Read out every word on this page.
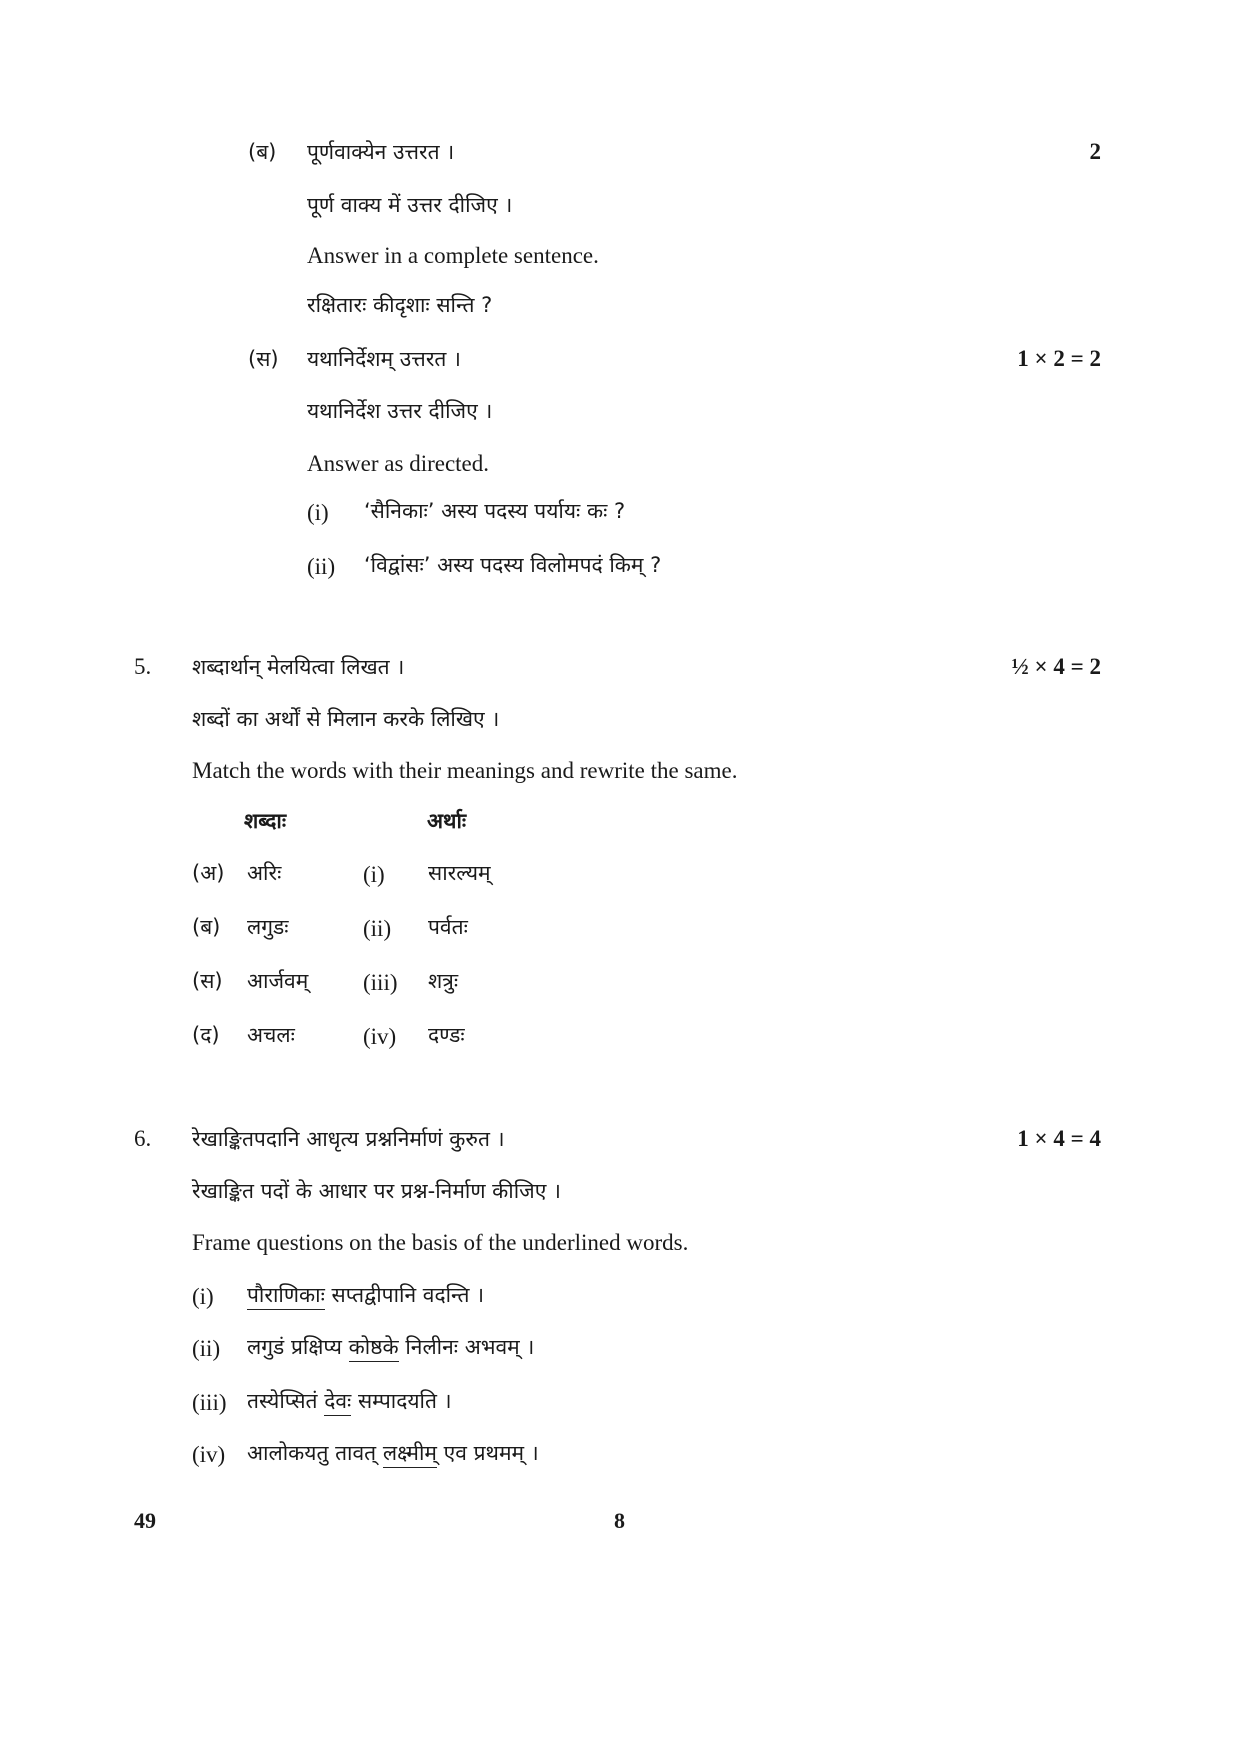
(ब) पूर्णवाक्येन उत्तरत ।	2
पूर्ण वाक्य में उत्तर दीजिए ।
Answer in a complete sentence.
रक्षितारः कीदृशाः सन्ति ?
(स) यथानिर्देशम् उत्तरत ।	1 × 2 = 2
यथानिर्देश उत्तर दीजिए ।
Answer as directed.
(i) ‘सैनिकाः’ अस्य पदस्य पर्यायः कः ?
(ii) ‘विद्वांसः’ अस्य पदस्य विलोमपदं किम् ?
5. शब्दार्थान् मेलयित्वा लिखत ।	½ × 4 = 2
शब्दों का अर्थों से मिलान करके लिखिए ।
Match the words with their meanings and rewrite the same.
शब्दाः	अर्थाः
(अ) अरिः	(i) सारल्यम्
(ब) लगुडः	(ii) पर्वतः
(स) आर्जवम् (iii) शत्रुः
(द) अचलः	(iv) दण्डः
6. रेखाङ्कितपदानि आधृत्य प्रश्ननिर्माणं कुरुत ।	1 × 4 = 4
रेखाङ्कित पदों के आधार पर प्रश्न-निर्माण कीजिए ।
Frame questions on the basis of the underlined words.
(i) पौराणिकाः सप्तद्वीपानि वदन्ति ।
(ii) लगुडं प्रक्षिप्य कोष्ठके निलीनः अभवम् ।
(iii) तस्येप्सितं देवः सम्पादयति ।
(iv) आलोकयतु तावत् लक्ष्मीम् एव प्रथमम् ।
49	8
